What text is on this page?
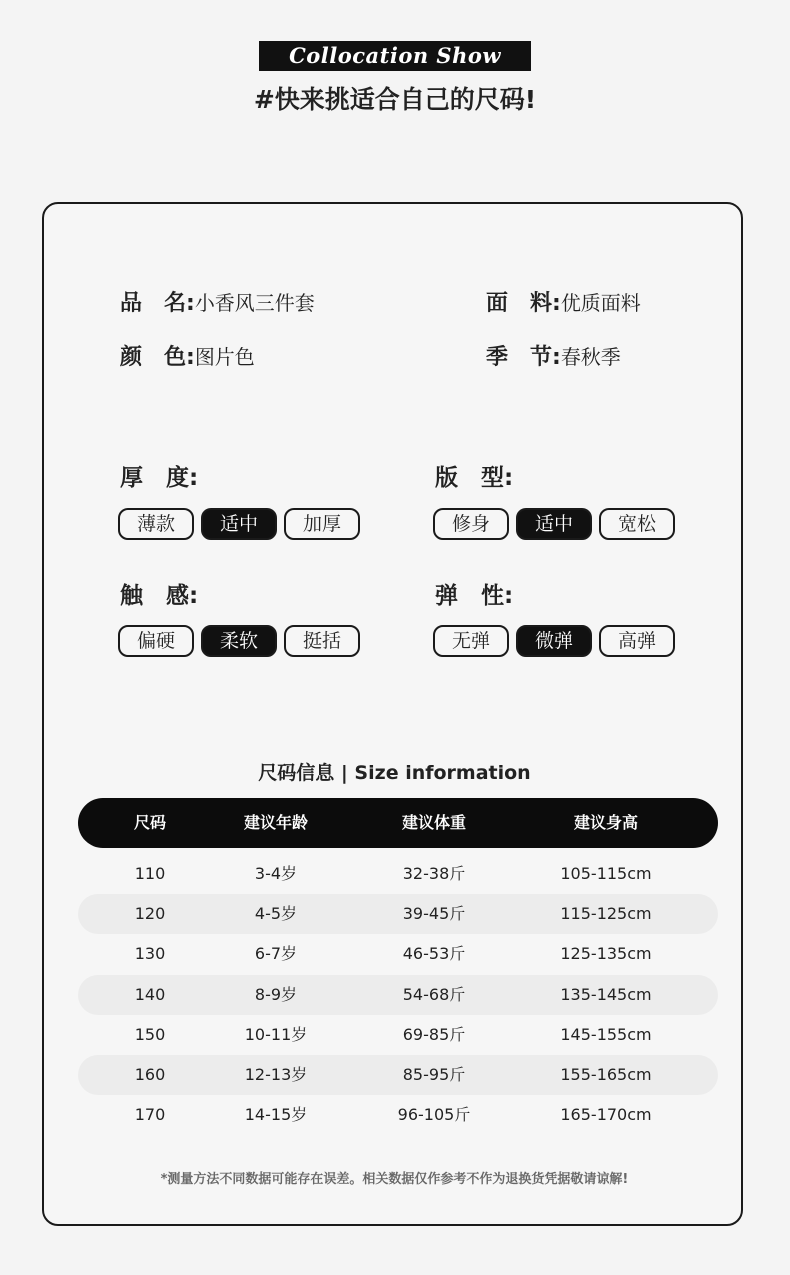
Collocation Show
#快来挑适合自己的尺码!
品　名:小香风三件套	面　料:优质面料
颜　色:图片色	季　节:春秋季
厚　度:
薄款	适中	加厚
版　型:
修身	适中	宽松
触　感:
偏硬	柔软	挺括
弹　性:
无弹	微弹	高弹
尺码信息 | Size information
尺码	建议年龄	建议体重	建议身高
110	3-4岁	32-38斤	105-115cm
120	4-5岁	39-45斤	115-125cm
130	6-7岁	46-53斤	125-135cm
140	8-9岁	54-68斤	135-145cm
150	10-11岁	69-85斤	145-155cm
160	12-13岁	85-95斤	155-165cm
170	14-15岁	96-105斤	165-170cm
*测量方法不同数据可能存在误差。相关数据仅作参考不作为退换货凭据敬请谅解!
